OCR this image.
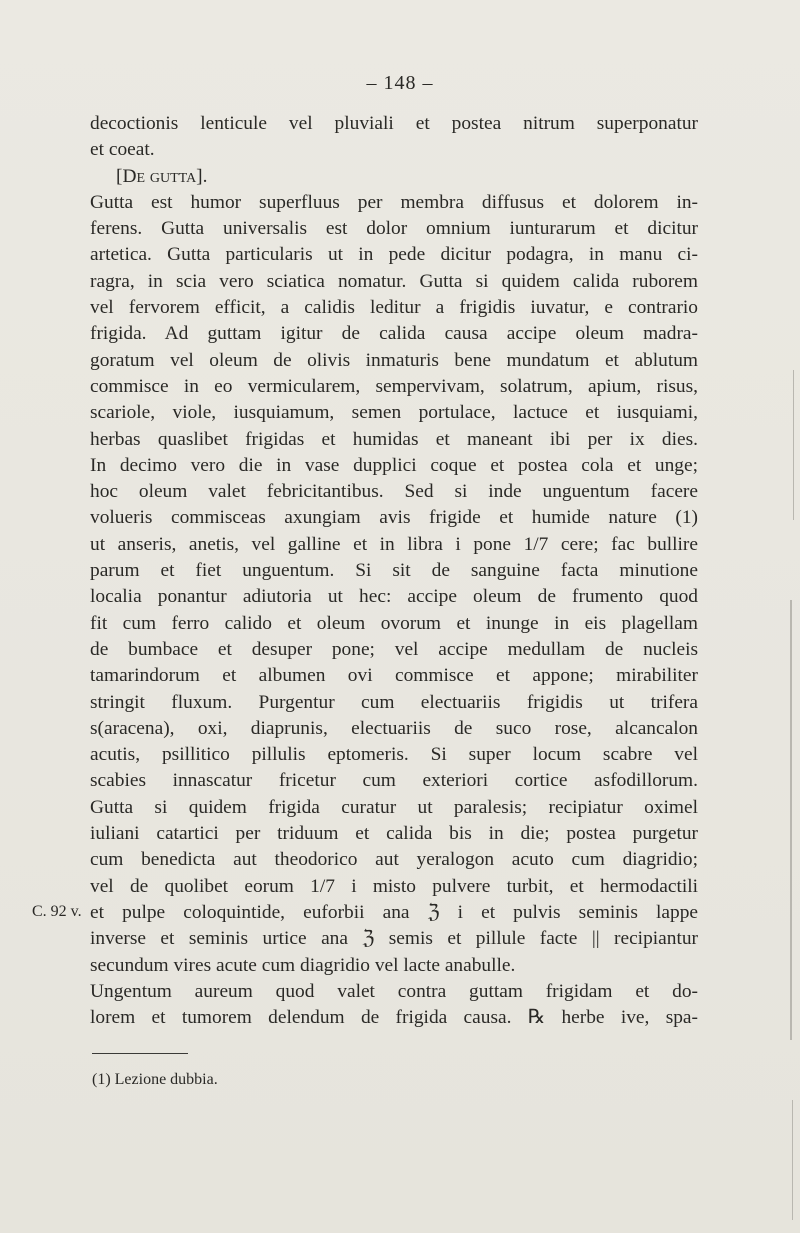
– 148 –
decoctionis lenticule vel pluviali et postea nitrum superponatur
et coeat.
[De gutta].
Gutta est humor superfluus per membra diffusus et dolorem in-
ferens. Gutta universalis est dolor omnium iunturarum et dicitur
artetica. Gutta particularis ut in pede dicitur podagra, in manu ci-
ragra, in scia vero sciatica nomatur. Gutta si quidem calida ruborem
vel fervorem efficit, a calidis leditur a frigidis iuvatur, e contrario
frigida. Ad guttam igitur de calida causa accipe oleum madra-
goratum vel oleum de olivis inmaturis bene mundatum et ablutum
commisce in eo vermicularem, sempervivam, solatrum, apium, risus,
scariole, viole, iusquiamum, semen portulace, lactuce et iusquiami,
herbas quaslibet frigidas et humidas et maneant ibi per ix dies.
In decimo vero die in vase dupplici coque et postea cola et unge;
hoc oleum valet febricitantibus. Sed si inde unguentum facere
volueris commisceas axungiam avis frigide et humide nature (1)
ut anseris, anetis, vel galline et in libra i pone 1/7 cere; fac bullire
parum et fiet unguentum. Si sit de sanguine facta minutione
localia ponantur adiutoria ut hec: accipe oleum de frumento quod
fit cum ferro calido et oleum ovorum et inunge in eis plagellam
de bumbace et desuper pone; vel accipe medullam de nucleis
tamarindorum et albumen ovi commisce et appone; mirabiliter
stringit fluxum. Purgentur cum electuariis frigidis ut trifera
s(aracena), oxi, diaprunis, electuariis de suco rose, alcancalon
acutis, psillitico pillulis eptomeris. Si super locum scabre vel
scabies innascatur fricetur cum exteriori cortice asfodillorum.
Gutta si quidem frigida curatur ut paralesis; recipiatur oximel
iuliani catartici per triduum et calida bis in die; postea purgetur
cum benedicta aut theodorico aut yeralogon acuto cum diagridio;
vel de quolibet eorum 1/7 i misto pulvere turbit, et hermodactili
et pulpe coloquintide, euforbii ana ℨ i et pulvis seminis lappe
inverse et seminis urtice ana ℨ semis et pillule facte || recipiantur
secundum vires acute cum diagridio vel lacte anabulle.
Ungentum aureum quod valet contra guttam frigidam et do-
lorem et tumorem delendum de frigida causa. ℞ herbe ive, spa-
C. 92 v.
(1) Lezione dubbia.
